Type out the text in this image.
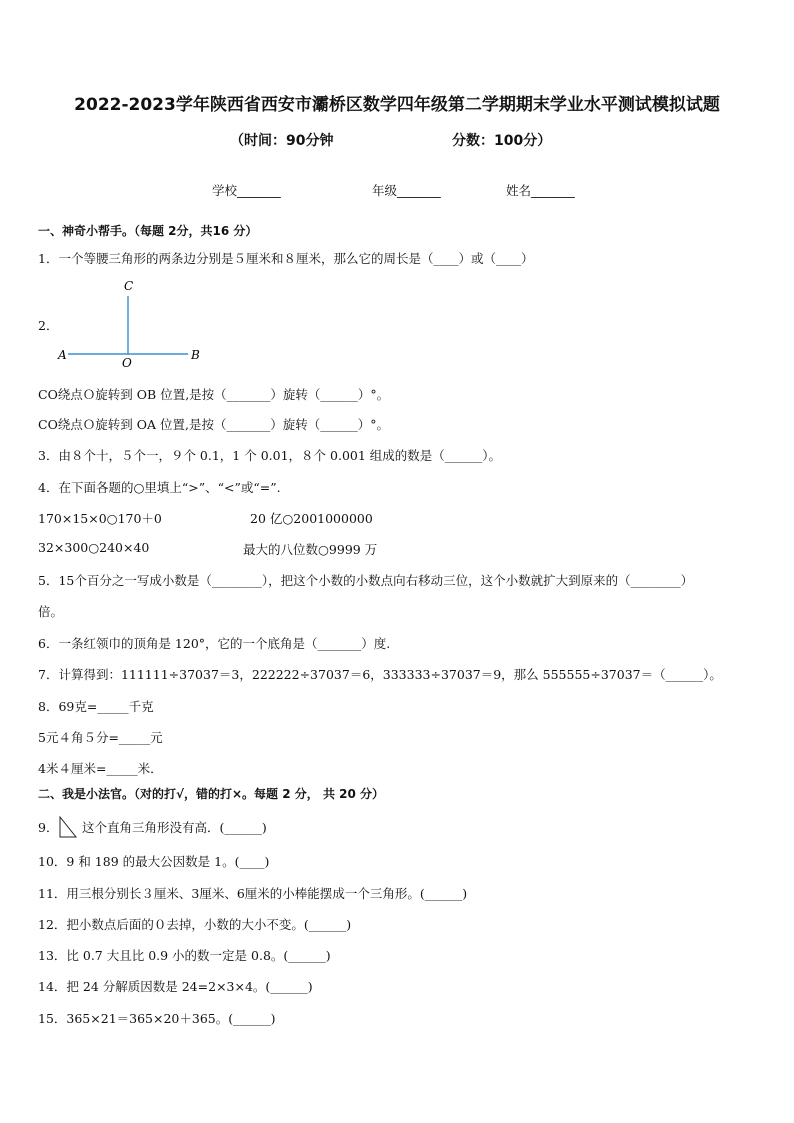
2022-2023学年陕西省西安市灞桥区数学四年级第二学期期末学业水平测试模拟试题
（时间：90分钟	分数：100分）
学校_______	年级_______	姓名_______
一、神奇小帮手。（每题 2分，共16 分）
1．一个等腰三角形的两条边分别是５厘米和８厘米，那么它的周长是（____）或（____）
2．
C
A
O
B
CO绕点Ｏ旋转到 OB 位置,是按（_______）旋转（______）°。
CO绕点Ｏ旋转到 OA 位置,是按（_______）旋转（______）°。
3．由８个十，５个一，９个 0.1，1 个 0.01，８个 0.001 组成的数是（______）。
4．在下面各题的○里填上“>”、“<”或“=”.
170×15×0○170＋0	20 亿○2001000000
32×300○240×40	最大的八位数○9999 万
5．15个百分之一写成小数是（________），把这个小数的小数点向右移动三位，这个小数就扩大到原来的（________）
倍。
6．一条红领巾的顶角是 120°，它的一个底角是（_______）度.
7．计算得到：111111÷37037＝3，222222÷37037＝6，333333÷37037＝9，那么 555555÷37037＝（______）。
8．69克=_____千克
5元４角５分=_____元
4米４厘米=_____米．
二、我是小法官。（对的打√，错的打×。每题 2 分， 共 20 分）
9． 这个直角三角形没有高．(______)
10．9 和 189 的最大公因数是 1。(____)
11．用三根分别长３厘米、3厘米、6厘米的小棒能摆成一个三角形。(______)
12．把小数点后面的０去掉，小数的大小不变。(______)
13．比 0.7 大且比 0.9 小的数一定是 0.8。(______)
14．把 24 分解质因数是 24=2×3×4。(______)
15．365×21＝365×20＋365。(______)
